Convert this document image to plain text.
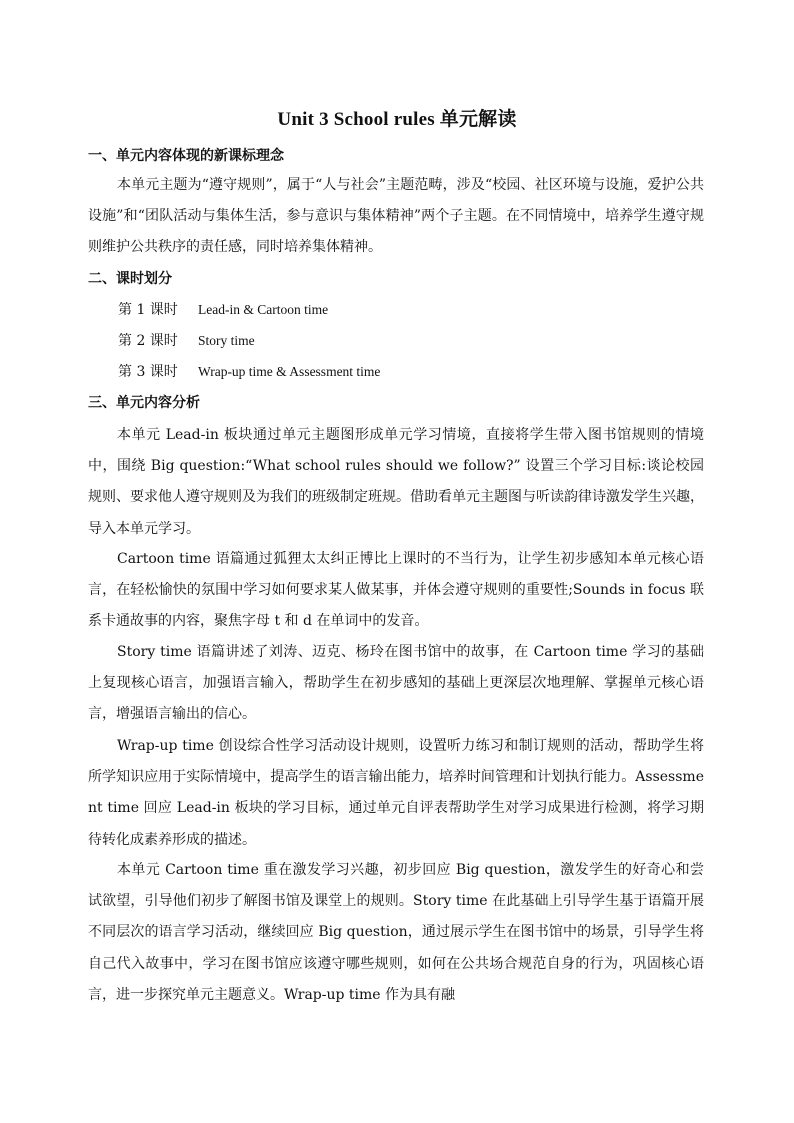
Unit 3 School rules 单元解读
一、单元内容体现的新课标理念
本单元主题为“遵守规则”，属于“人与社会”主题范畴，涉及“校园、社区环境与设施，爱护公共设施”和“团队活动与集体生活，参与意识与集体精神”两个子主题。在不同情境中，培养学生遵守规则维护公共秩序的责任感，同时培养集体精神。
二、课时划分
第 1 课时 Lead-in & Cartoon time
第 2 课时 Story time
第 3 课时 Wrap-up time & Assessment time
三、单元内容分析
本单元 Lead-in 板块通过单元主题图形成单元学习情境，直接将学生带入图书馆规则的情境中，围绕 Big question:“What school rules should we follow?” 设置三个学习目标:谈论校园规则、要求他人遵守规则及为我们的班级制定班规。借助看单元主题图与听读韵律诗激发学生兴趣，导入本单元学习。
Cartoon time 语篇通过狐狸太太纠正博比上课时的不当行为，让学生初步感知本单元核心语言，在轻松愉快的氛围中学习如何要求某人做某事，并体会遵守规则的重要性;Sounds in focus 联系卡通故事的内容，聚焦字母 t 和 d 在单词中的发音。
Story time 语篇讲述了刘涛、迈克、杨玲在图书馆中的故事，在 Cartoon time 学习的基础上复现核心语言，加强语言输入，帮助学生在初步感知的基础上更深层次地理解、掌握单元核心语言，增强语言输出的信心。
Wrap-up time 创设综合性学习活动设计规则，设置听力练习和制订规则的活动，帮助学生将所学知识应用于实际情境中，提高学生的语言输出能力，培养时间管理和计划执行能力。Assessment time 回应 Lead-in 板块的学习目标，通过单元自评表帮助学生对学习成果进行检测，将学习期待转化成素养形成的描述。
本单元 Cartoon time 重在激发学习兴趣，初步回应 Big question，激发学生的好奇心和尝试欲望，引导他们初步了解图书馆及课堂上的规则。Story time 在此基础上引导学生基于语篇开展不同层次的语言学习活动，继续回应 Big question，通过展示学生在图书馆中的场景，引导学生将自己代入故事中，学习在图书馆应该遵守哪些规则，如何在公共场合规范自身的行为，巩固核心语言，进一步探究单元主题意义。Wrap-up time 作为具有融
